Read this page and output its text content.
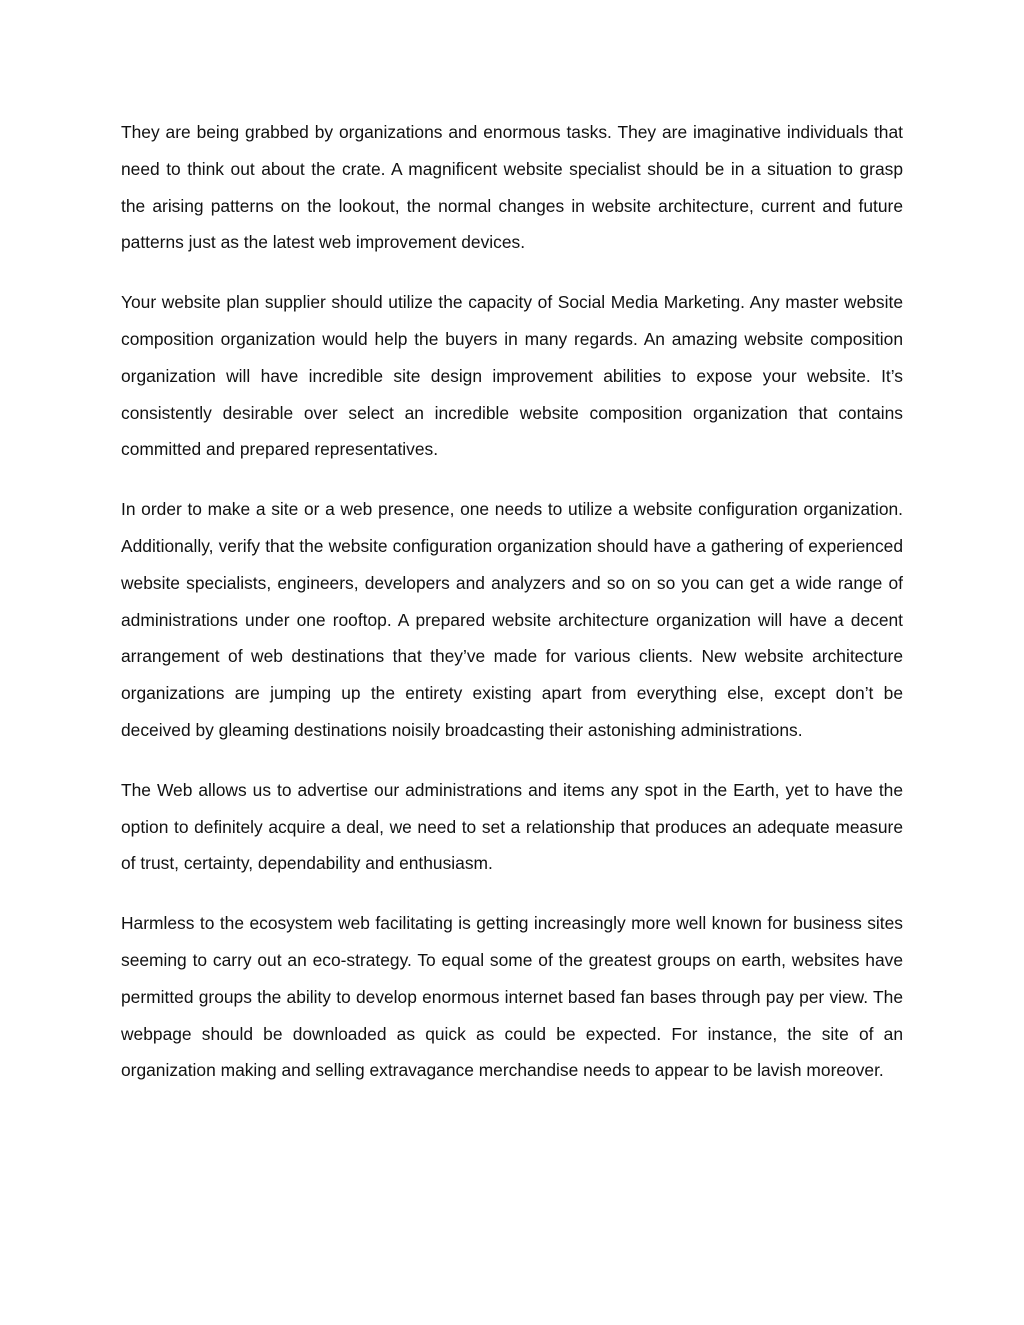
They are being grabbed by organizations and enormous tasks. They are imaginative individuals that need to think out about the crate. A magnificent website specialist should be in a situation to grasp the arising patterns on the lookout, the normal changes in website architecture, current and future patterns just as the latest web improvement devices.

Your website plan supplier should utilize the capacity of Social Media Marketing. Any master website composition organization would help the buyers in many regards. An amazing website composition organization will have incredible site design improvement abilities to expose your website. It’s consistently desirable over select an incredible website composition organization that contains committed and prepared representatives.

In order to make a site or a web presence, one needs to utilize a website configuration organization. Additionally, verify that the website configuration organization should have a gathering of experienced website specialists, engineers, developers and analyzers and so on so you can get a wide range of administrations under one rooftop. A prepared website architecture organization will have a decent arrangement of web destinations that they’ve made for various clients. New website architecture organizations are jumping up the entirety existing apart from everything else, except don’t be deceived by gleaming destinations noisily broadcasting their astonishing administrations.

The Web allows us to advertise our administrations and items any spot in the Earth, yet to have the option to definitely acquire a deal, we need to set a relationship that produces an adequate measure of trust, certainty, dependability and enthusiasm.

Harmless to the ecosystem web facilitating is getting increasingly more well known for business sites seeming to carry out an eco-strategy. To equal some of the greatest groups on earth, websites have permitted groups the ability to develop enormous internet based fan bases through pay per view. The webpage should be downloaded as quick as could be expected. For instance, the site of an organization making and selling extravagance merchandise needs to appear to be lavish moreover.
